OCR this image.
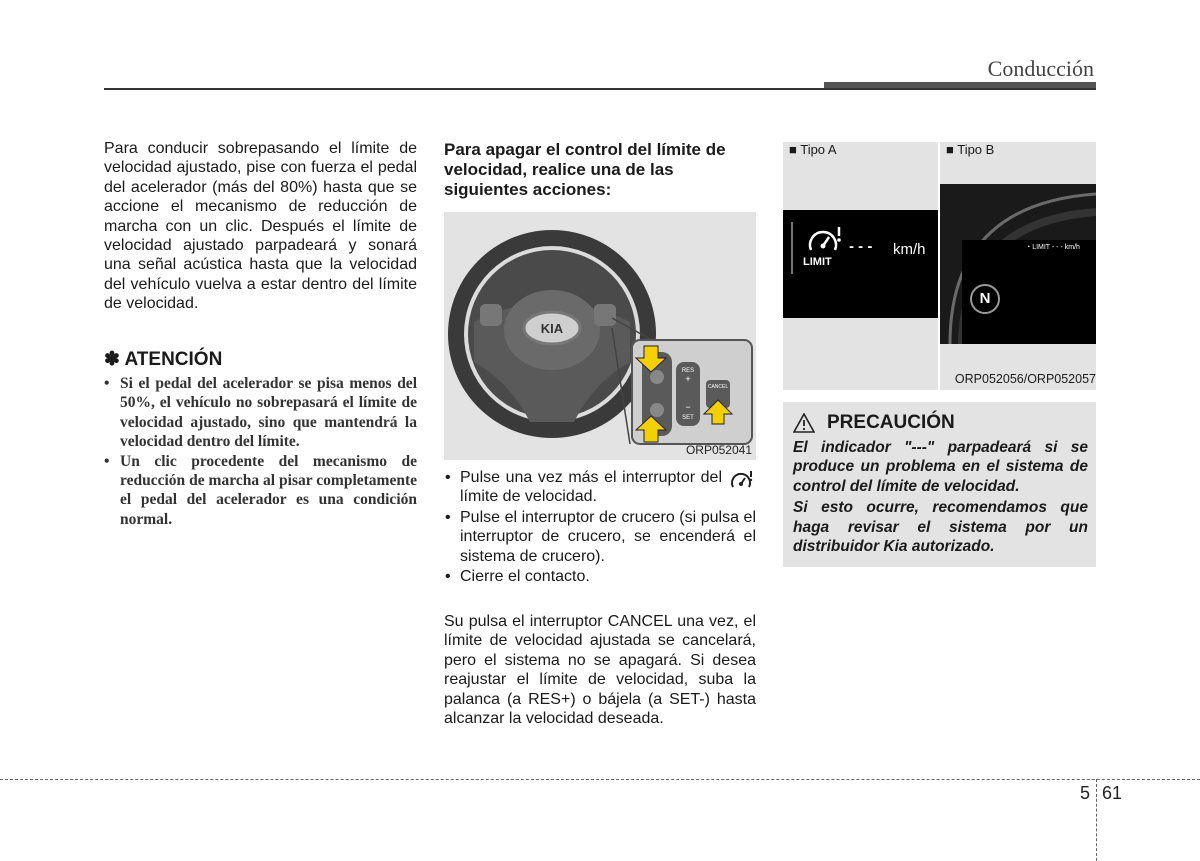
Conducción
Para conducir sobrepasando el límite de velocidad ajustado, pise con fuerza el pedal del acelerador (más del 80%) hasta que se accione el mecanismo de reducción de marcha con un clic. Después el límite de velocidad ajustado parpadeará y sonará una señal acústica hasta que la velocidad del vehículo vuelva a estar dentro del límite de velocidad.
✽ ATENCIÓN
• Si el pedal del acelerador se pisa menos del 50%, el vehículo no sobrepasará el límite de velocidad ajustado, sino que mantendrá la velocidad dentro del límite.
• Un clic procedente del mecanismo de reducción de marcha al pisar completamente el pedal del acelerador es una condición normal.
Para apagar el control del límite de velocidad, realice una de las siguientes acciones:
KIA
RES
+
−
SET
CANCEL
ORP052041
• Pulse una vez más el interruptor del límite de velocidad.
• Pulse el interruptor de crucero (si pulsa el interruptor de crucero, se encenderá el sistema de crucero).
• Cierre el contacto.
Su pulsa el interruptor CANCEL una vez, el límite de velocidad ajustada se cancelará, pero el sistema no se apagará. Si desea reajustar el límite de velocidad, suba la palanca (a RES+) o bájela (a SET-) hasta alcanzar la velocidad deseada.
■ Tipo A
LIMIT
- - - km/h
■ Tipo B
N
◔ LIMIT - - - km/h
ORP052056/ORP052057
PRECAUCIÓN

El indicador "---" parpadeará si se produce un problema en el sistema de control del límite de velocidad.

Si esto ocurre, recomendamos que haga revisar el sistema por un distribuidor Kia autorizado.

5 61
